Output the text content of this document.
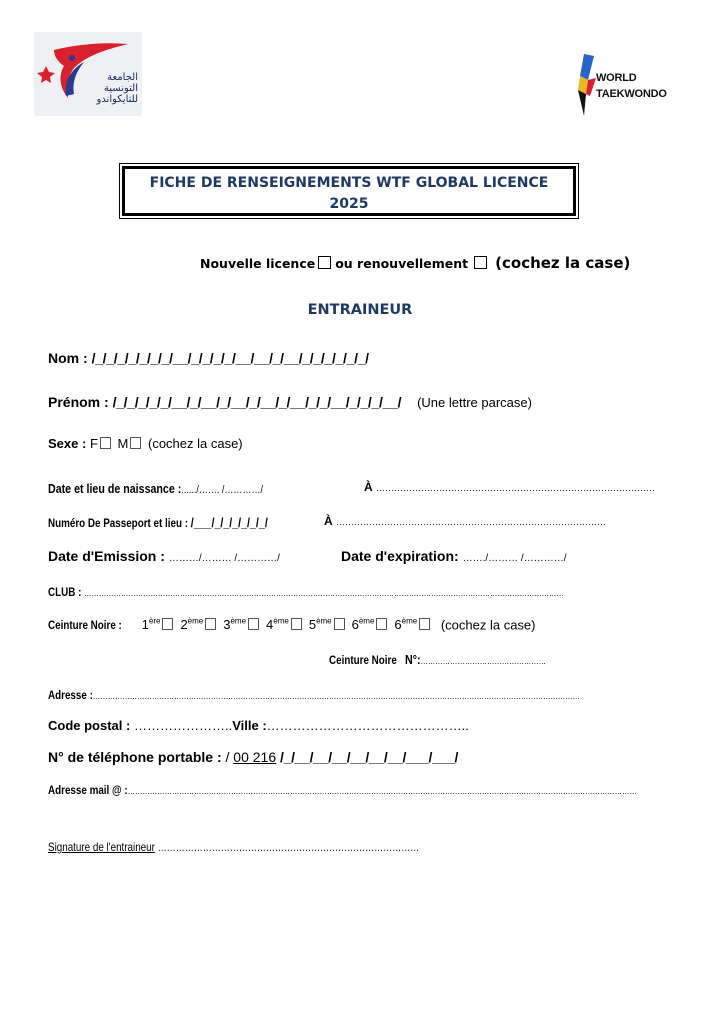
الجامعة
التونسية
للتايكواندو
WORLD
TAEKWONDO
FICHE DE RENSEIGNEMENTS WTF GLOBAL LICENCE
2025
Nouvelle licence ou renouvellement (cochez la case)
ENTRAINEUR
Nom : /_/_/_/_/_/_/_/__/_/_/_/_/__/__/_/__/_/_/_/_/_/_/
Prénom : /_/_/_/_/_/__/_/__/_/__/_/__/_/__/_/_/__/_/_/_/__/ (Une lettre parcase)
Sexe : F M (cochez la case)
Date et lieu de naissance :....../……. /…………/	À …………………………………………………………………………………
Numéro De Passeport et lieu : /___/_/_/_/_/_/_/	À ………………………………………………………………………………
Date d'Emission : ………/……… /…………/	Date d'expiration: ……./……… /…………/
CLUB : ……………………………………………………………………………………………………………………………………………………………………………
Ceinture Noire : 1ère 2ème 3ème 4ème 5ème 6ème 6ème (cochez la case)
Ceinture Noire N°:……………………………………………
Adresse :………………………………………………………………………………………………………………………………………………………………………………
Code postal : …………………..Ville :………………………………………..
N° de téléphone portable : / 00 216 /_/__/__/__/__/__/__/___/___/
Adresse mail @ :………………………………………………………………………………………………………………………………………………………………………………………
Signature de l'entraineur ……………………………………………………………………………
